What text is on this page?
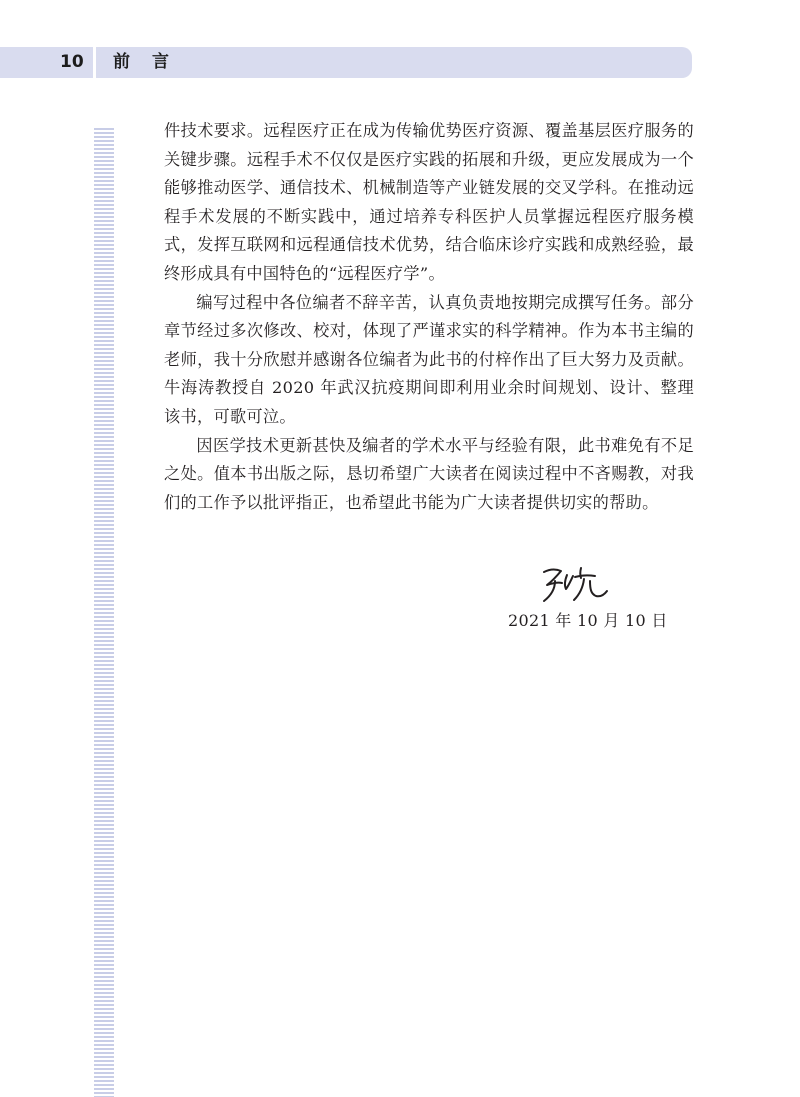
10	前言

件技术要求。远程医疗正在成为传输优势医疗资源、覆盖基层医疗服务的关键步骤。远程手术不仅仅是医疗实践的拓展和升级，更应发展成为一个能够推动医学、通信技术、机械制造等产业链发展的交叉学科。在推动远程手术发展的不断实践中，通过培养专科医护人员掌握远程医疗服务模式，发挥互联网和远程通信技术优势，结合临床诊疗实践和成熟经验，最终形成具有中国特色的“远程医疗学”。

编写过程中各位编者不辞辛苦，认真负责地按期完成撰写任务。部分章节经过多次修改、校对，体现了严谨求实的科学精神。作为本书主编的老师，我十分欣慰并感谢各位编者为此书的付梓作出了巨大努力及贡献。牛海涛教授自 2020 年武汉抗疫期间即利用业余时间规划、设计、整理该书，可歌可泣。

因医学技术更新甚快及编者的学术水平与经验有限，此书难免有不足之处。值本书出版之际，恳切希望广大读者在阅读过程中不吝赐教，对我们的工作予以批评指正，也希望此书能为广大读者提供切实的帮助。

2021 年 10 月 10 日
